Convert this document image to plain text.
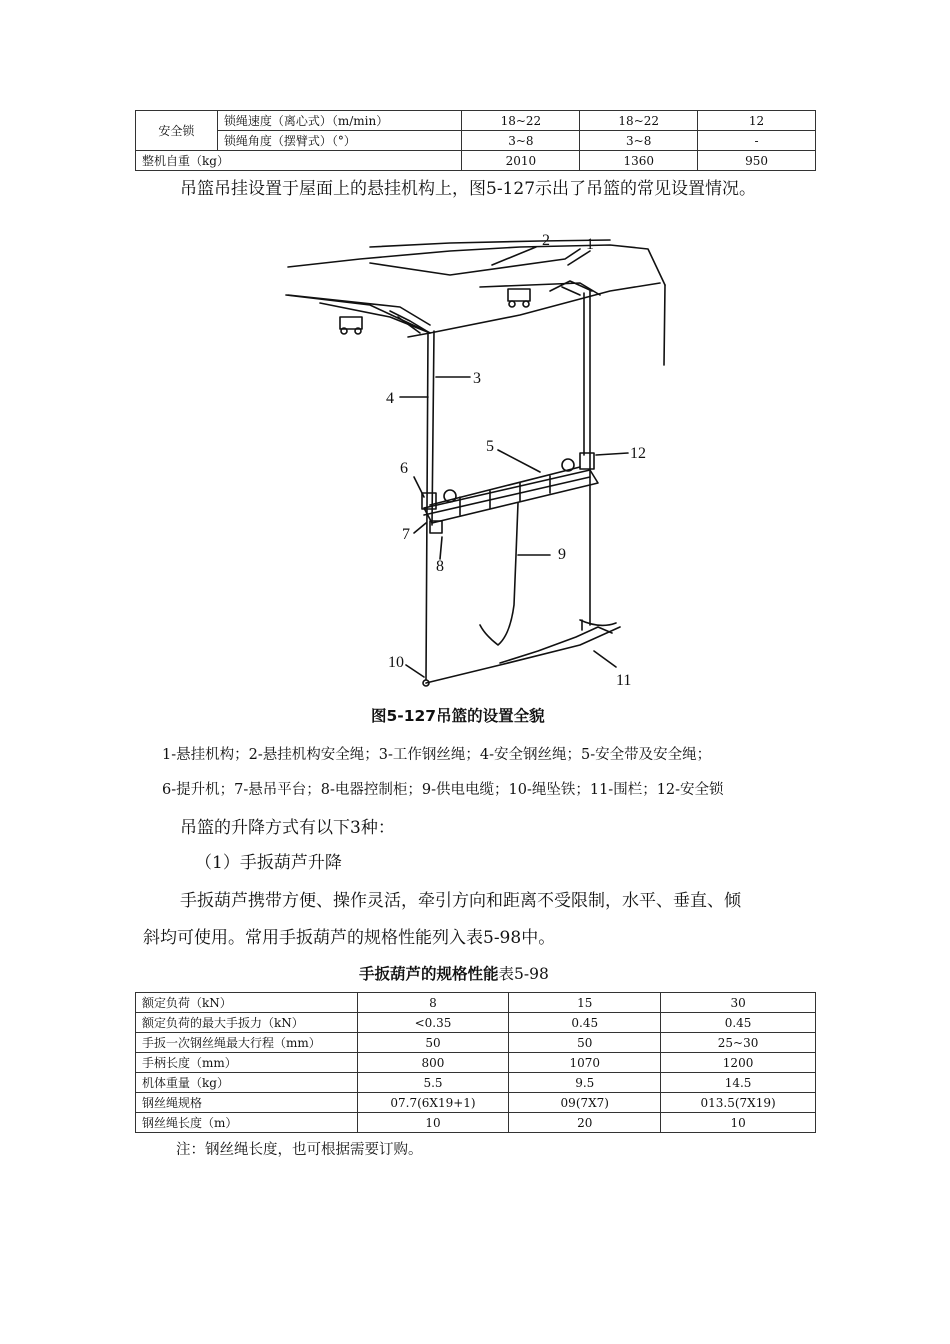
安全锁	锁绳速度（离心式）（m/min）	18~22	18~22	12
	锁绳角度（摆臂式）（°）	3~8	3~8	-
整机自重（kg）		2010	1360	950
吊篮吊挂设置于屋面上的悬挂机构上，图5-127示出了吊篮的常见设置情况。
1
2
3
4
5
6
7
8
9
10
11
12
图5-127吊篮的设置全貌
1-悬挂机构；2-悬挂机构安全绳；3-工作钢丝绳；4-安全钢丝绳；5-安全带及安全绳；
6-提升机；7-悬吊平台；8-电器控制柜；9-供电电缆；10-绳坠铁；11-围栏；12-安全锁
吊篮的升降方式有以下3种：
（1）手扳葫芦升降
手扳葫芦携带方便、操作灵活，牵引方向和距离不受限制，水平、垂直、倾
斜均可使用。常用手扳葫芦的规格性能列入表5-98中。
手扳葫芦的规格性能表5-98
额定负荷（kN）	8	15	30
额定负荷的最大手扳力（kN）	<0.35	0.45	0.45
手扳一次钢丝绳最大行程（mm）	50	50	25~30
手柄长度（mm）	800	1070	1200
机体重量（kg）	5.5	9.5	14.5
钢丝绳规格	07.7(6X19+1)	09(7X7)	013.5(7X19)
钢丝绳长度（m）	10	20	10
注：钢丝绳长度，也可根据需要订购。
